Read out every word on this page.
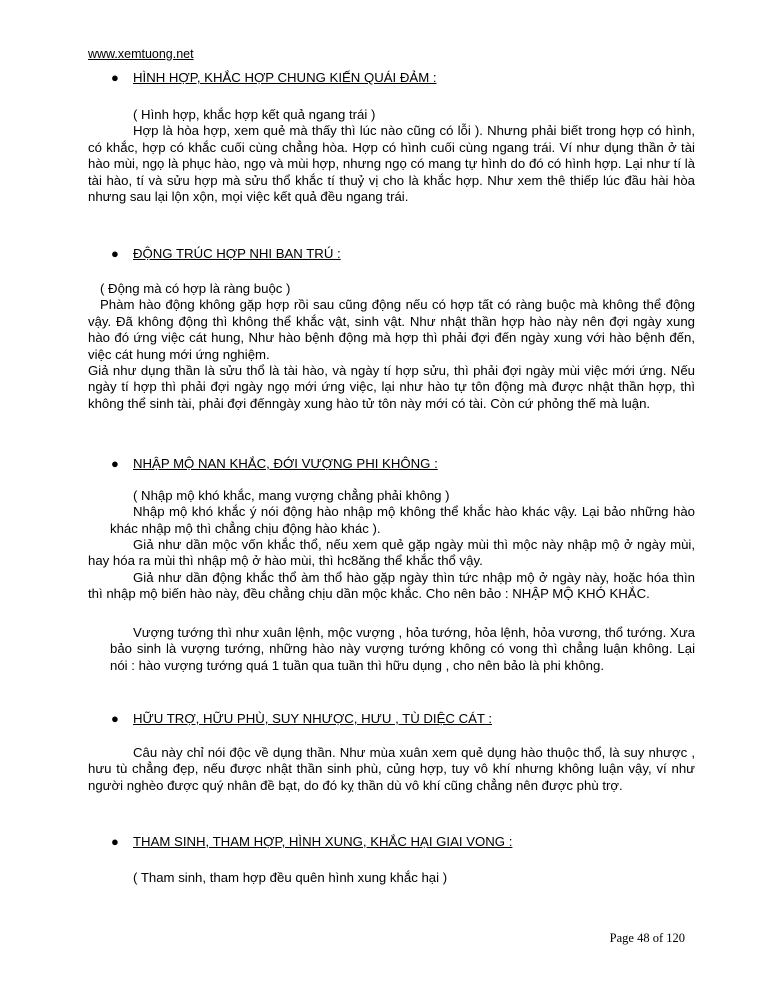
www.xemtuong.net
● HÌNH HỢP, KHẮC HỢP CHUNG KIẾN QUÁI ĐẢM :

( Hình hợp, khắc hợp kết quả ngang trái )

Hợp là hòa hợp, xem quẻ mà thấy thì lúc nào cũng có lỗi ). Nhưng phải biết trong hợp có hình, có khắc, hợp có khắc cuối cùng chẳng hòa. Hợp có hình cuối cùng ngang trái. Ví như dụng thần ở tài hào mùi, ngọ là phục hào, ngọ và mùi hợp, nhưng ngọ có mang tự hình do đó có hình hợp. Lại như tí là tài hào, tí và sửu hợp mà sửu thổ khắc tí thuỷ vị cho là khắc hợp. Như xem thê thiếp lúc đầu hài hòa nhưng sau lại lộn xộn, mọi việc kết quả đều ngang trái.

● ĐỘNG TRÚC HỢP NHI BAN TRÚ :

( Động mà có hợp là ràng buộc )

Phàm hào động không gặp hợp rồi sau cũng động nếu có hợp tất có ràng buộc mà không thể động vậy. Đã không động thì không thể khắc vật, sinh vật. Như nhật thần hợp hào này nên đợi ngày xung hào đó ứng việc cát hung, Như hào bệnh động mà hợp thì phải đợi đến ngày xung với hào bệnh đến, việc cát hung mới ứng nghiệm.

Giả như dụng thần là sửu thổ là tài hào, và ngày tí hợp sửu, thì phải đợi ngày mùi việc mới ứng. Nếu ngày tí hợp thì phải đợi ngày ngọ mới ứng việc, lại như hào tự tôn động mà được nhật thần hợp, thì không thể sinh tài, phải đợi đếnngày xung hào tử tôn này mới có tài. Còn cứ phỏng thế mà luận.

● NHẬP MỘ NAN KHẮC, ĐỚI VƯỢNG PHI KHÔNG :

( Nhập mộ khó khắc, mang vượng chẳng phải không )

Nhập mộ khó khắc ý nói động hào nhập mộ không thể khắc hào khác vậy. Lại bảo những hào khác nhập mộ thì chẳng chịu động hào khác ).

Giả như dần mộc vốn khắc thổ, nếu xem quẻ gặp ngày mùi thì mộc này nhập mộ ở ngày mùi, hay hóa ra mùi thì nhập mộ ở hào mùi, thì hc8ăng thể khắc thổ vậy.

Giả như dần động khắc thổ àm thổ hào gặp ngày thìn tức nhập mộ ở ngày này, hoặc hóa thìn thì nhập mộ biến hào này, đều chẳng chịu dần mộc khắc. Cho nên bảo : NHẬP MỘ KHÓ KHẮC.

Vượng tướng thì như xuân lệnh, mộc vượng , hỏa tướng, hỏa lệnh, hỏa vương, thổ tướng. Xưa bảo sinh là vượng tướng, những hào này vượng tướng không có vong thì chẳng luận không. Lại nói : hào vượng tướng quá 1 tuần qua tuần thì hữu dụng , cho nên bảo là phi không.

● HỮU TRỢ, HỮU PHÙ, SUY NHƯỢC, HƯU , TÙ DIỆC CÁT :

Câu này chỉ nói độc về dụng thần. Như mùa xuân xem quẻ dụng hào thuộc thổ, là suy nhược , hưu tù chẳng đẹp, nếu được nhật thần sinh phù, củng hợp, tuy vô khí nhưng không luận vậy, ví như người nghèo được quý nhân đề bạt, do đó kỵ thần dù vô khí cũng chẳng nên được phù trợ.

● THAM SINH, THAM HỢP, HÌNH XUNG, KHẮC HẠI GIAI VONG :

( Tham sinh, tham hợp đều quên hình xung khắc hại )

Page 48 of 120
